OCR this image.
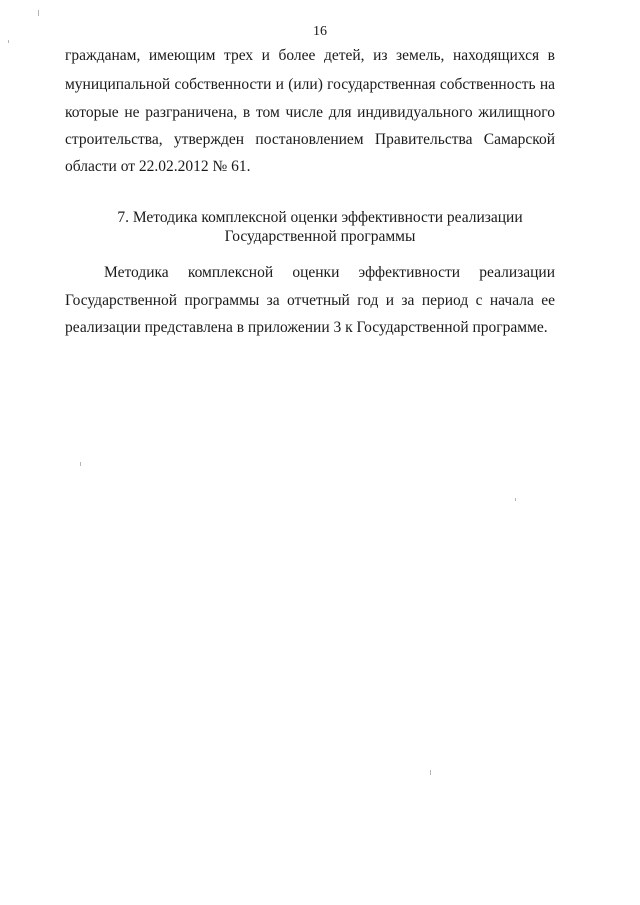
16
гражданам, имеющим трех и более детей, из земель, находящихся в
муниципальной собственности и (или) государственная собственность на
которые не разграничена, в том числе для индивидуального жилищного
строительства, утвержден постановлением Правительства Самарской
области от 22.02.2012 № 61.
7. Методика комплексной оценки эффективности реализации
Государственной программы
Методика комплексной оценки эффективности реализации
Государственной программы за отчетный год и за период с начала ее
реализации представлена в приложении 3 к Государственной программе.
